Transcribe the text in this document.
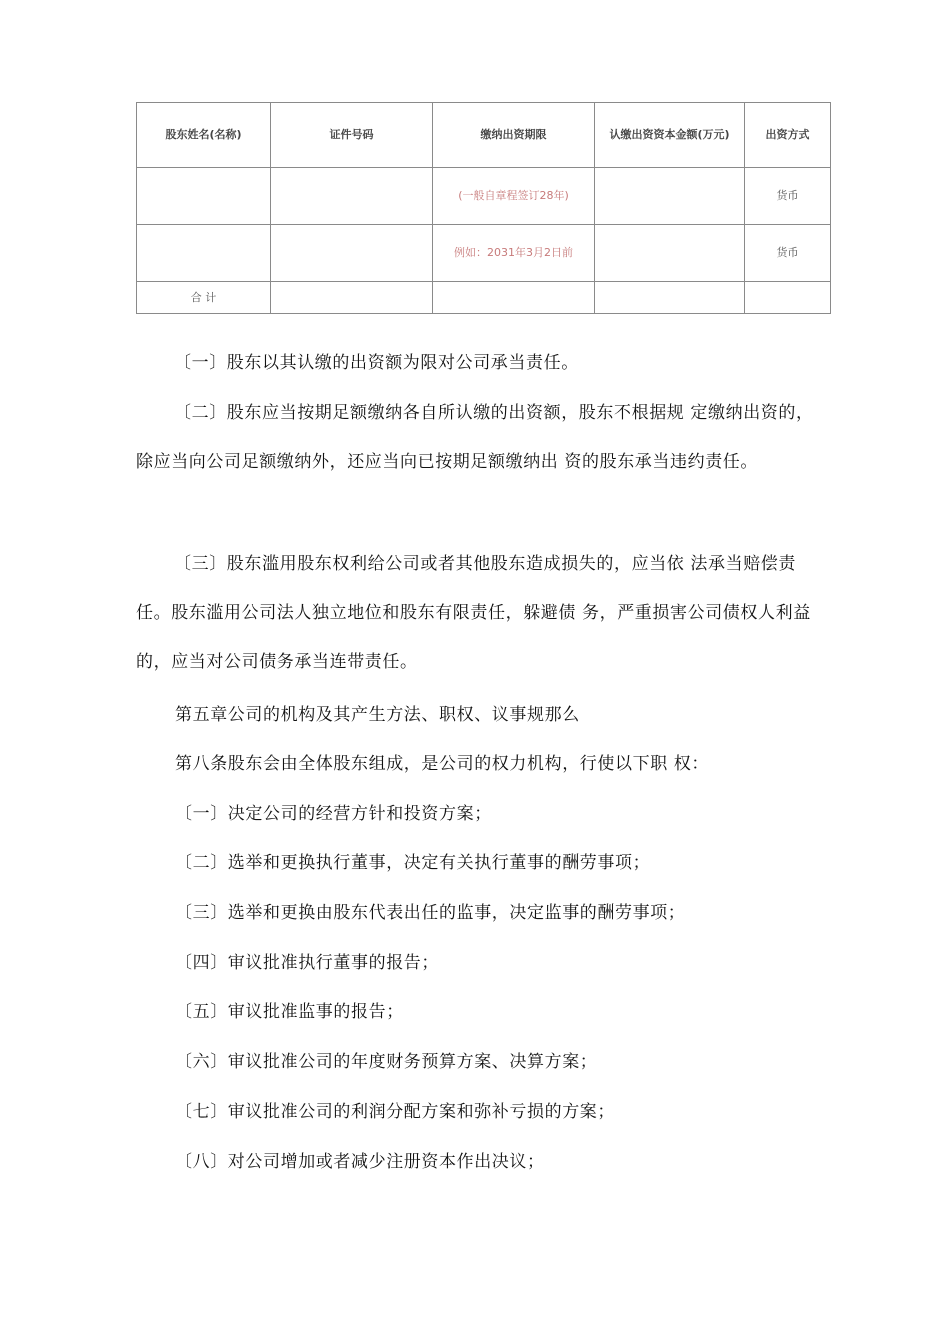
股东姓名(名称)	证件号码	缴纳出资期限	认缴出资资本金额(万元)	出资方式
		(一般自章程签订28年)		货币
		例如：2031年3月2日前		货币
合 计				

〔一〕股东以其认缴的出资额为限对公司承当责任。

〔二〕股东应当按期足额缴纳各自所认缴的出资额，股东不根据规 定缴纳出资的，除应当向公司足额缴纳外，还应当向已按期足额缴纳出 资的股东承当违约责任。

〔三〕股东滥用股东权利给公司或者其他股东造成损失的，应当依 法承当赔偿责任。股东滥用公司法人独立地位和股东有限责任，躲避债 务，严重损害公司债权人利益的，应当对公司债务承当连带责任。

第五章公司的机构及其产生方法、职权、议事规那么
第八条股东会由全体股东组成，是公司的权力机构，行使以下职 权：
〔一〕决定公司的经营方针和投资方案；
〔二〕选举和更换执行董事，决定有关执行董事的酬劳事项；
〔三〕选举和更换由股东代表出任的监事，决定监事的酬劳事项；
〔四〕审议批准执行董事的报告；
〔五〕审议批准监事的报告；
〔六〕审议批准公司的年度财务预算方案、决算方案；
〔七〕审议批准公司的利润分配方案和弥补亏损的方案；
〔八〕对公司增加或者减少注册资本作出决议；
